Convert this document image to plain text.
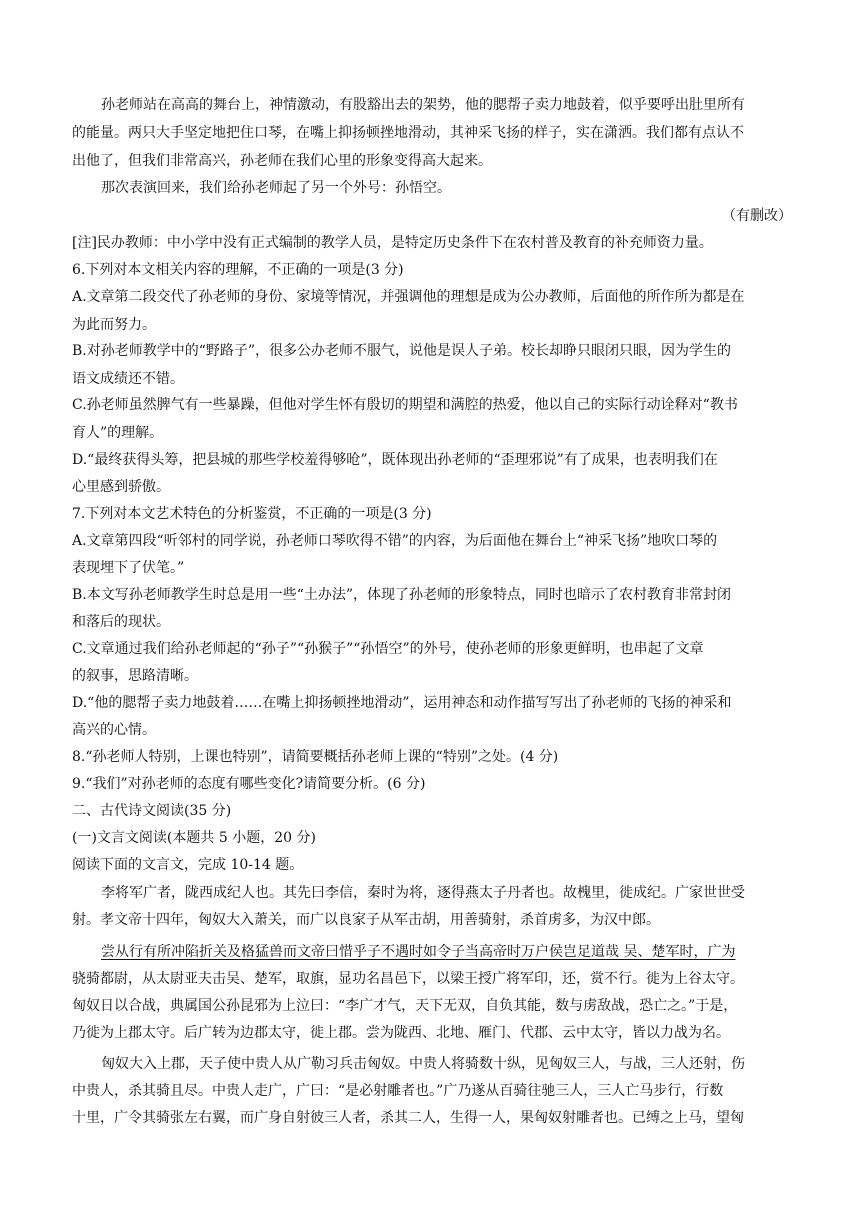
孙老师站在高高的舞台上，神情激动，有股豁出去的架势，他的腮帮子卖力地鼓着，似乎要呼出肚里所有
的能量。两只大手坚定地把住口琴，在嘴上抑扬顿挫地滑动，其神采飞扬的样子，实在潇洒。我们都有点认不
出他了，但我们非常高兴，孙老师在我们心里的形象变得高大起来。
那次表演回来，我们给孙老师起了另一个外号：孙悟空。
（有删改）
[注]民办教师：中小学中没有正式编制的教学人员，是特定历史条件下在农村普及教育的补充师资力量。
6.下列对本文相关内容的理解，不正确的一项是(3 分)
A.文章第二段交代了孙老师的身份、家境等情况，并强调他的理想是成为公办教师，后面他的所作所为都是在
为此而努力。
B.对孙老师教学中的“野路子”，很多公办老师不服气，说他是误人子弟。校长却睁只眼闭只眼，因为学生的
语文成绩还不错。
C.孙老师虽然脾气有一些暴躁，但他对学生怀有殷切的期望和满腔的热爱，他以自己的实际行动诠释对“教书
育人”的理解。
D.“最终获得头筹，把县城的那些学校羞得够呛”，既体现出孙老师的“歪理邪说”有了成果，也表明我们在
心里感到骄傲。
7.下列对本文艺术特色的分析鉴赏，不正确的一项是(3 分)
A.文章第四段“听邻村的同学说，孙老师口琴吹得不错”的内容，为后面他在舞台上“神采飞扬”地吹口琴的
表现埋下了伏笔。”
B.本文写孙老师教学生时总是用一些“土办法”，体现了孙老师的形象特点，同时也暗示了农村教育非常封闭
和落后的现状。
C.文章通过我们给孙老师起的“孙子”“孙猴子”“孙悟空”的外号，使孙老师的形象更鲜明，也串起了文章
的叙事，思路清晰。
D.“他的腮帮子卖力地鼓着……在嘴上抑扬顿挫地滑动”，运用神态和动作描写写出了孙老师的飞扬的神采和
高兴的心情。
8.“孙老师人特别，上课也特别”，请简要概括孙老师上课的“特别”之处。(4 分)
9.“我们”对孙老师的态度有哪些变化?请简要分析。(6 分)
二、古代诗文阅读(35 分)
(一)文言文阅读(本题共 5 小题，20 分)
阅读下面的文言文，完成 10-14 题。
李将军广者，陇西成纪人也。其先曰李信，秦时为将，逐得燕太子丹者也。故槐里，徙成纪。广家世世受
射。孝文帝十四年，匈奴大入萧关，而广以良家子从军击胡，用善骑射，杀首虏多，为汉中郎。
尝从行有所冲陷折关及格猛兽而文帝曰惜乎子不遇时如令子当高帝时万户侯岂足道哉 吴、楚军时，广为
骁骑都尉，从太尉亚夫击吴、楚军，取旗，显功名昌邑下，以梁王授广将军印，还，赏不行。徙为上谷太守。
匈奴日以合战，典属国公孙昆邪为上泣曰：“李广才气，天下无双，自负其能，数与虏敌战，恐亡之。”于是，
乃徙为上郡太守。后广转为边郡太守，徙上郡。尝为陇西、北地、雁门、代郡、云中太守，皆以力战为名。
匈奴大入上郡，天子使中贵人从广勒习兵击匈奴。中贵人将骑数十纵，见匈奴三人，与战，三人还射，伤
中贵人，杀其骑且尽。中贵人走广，广曰：“是必射雕者也。”广乃遂从百骑往驰三人，三人亡马步行，行数
十里，广令其骑张左右翼，而广身自射彼三人者，杀其二人，生得一人，果匈奴射雕者也。已缚之上马，望匈
